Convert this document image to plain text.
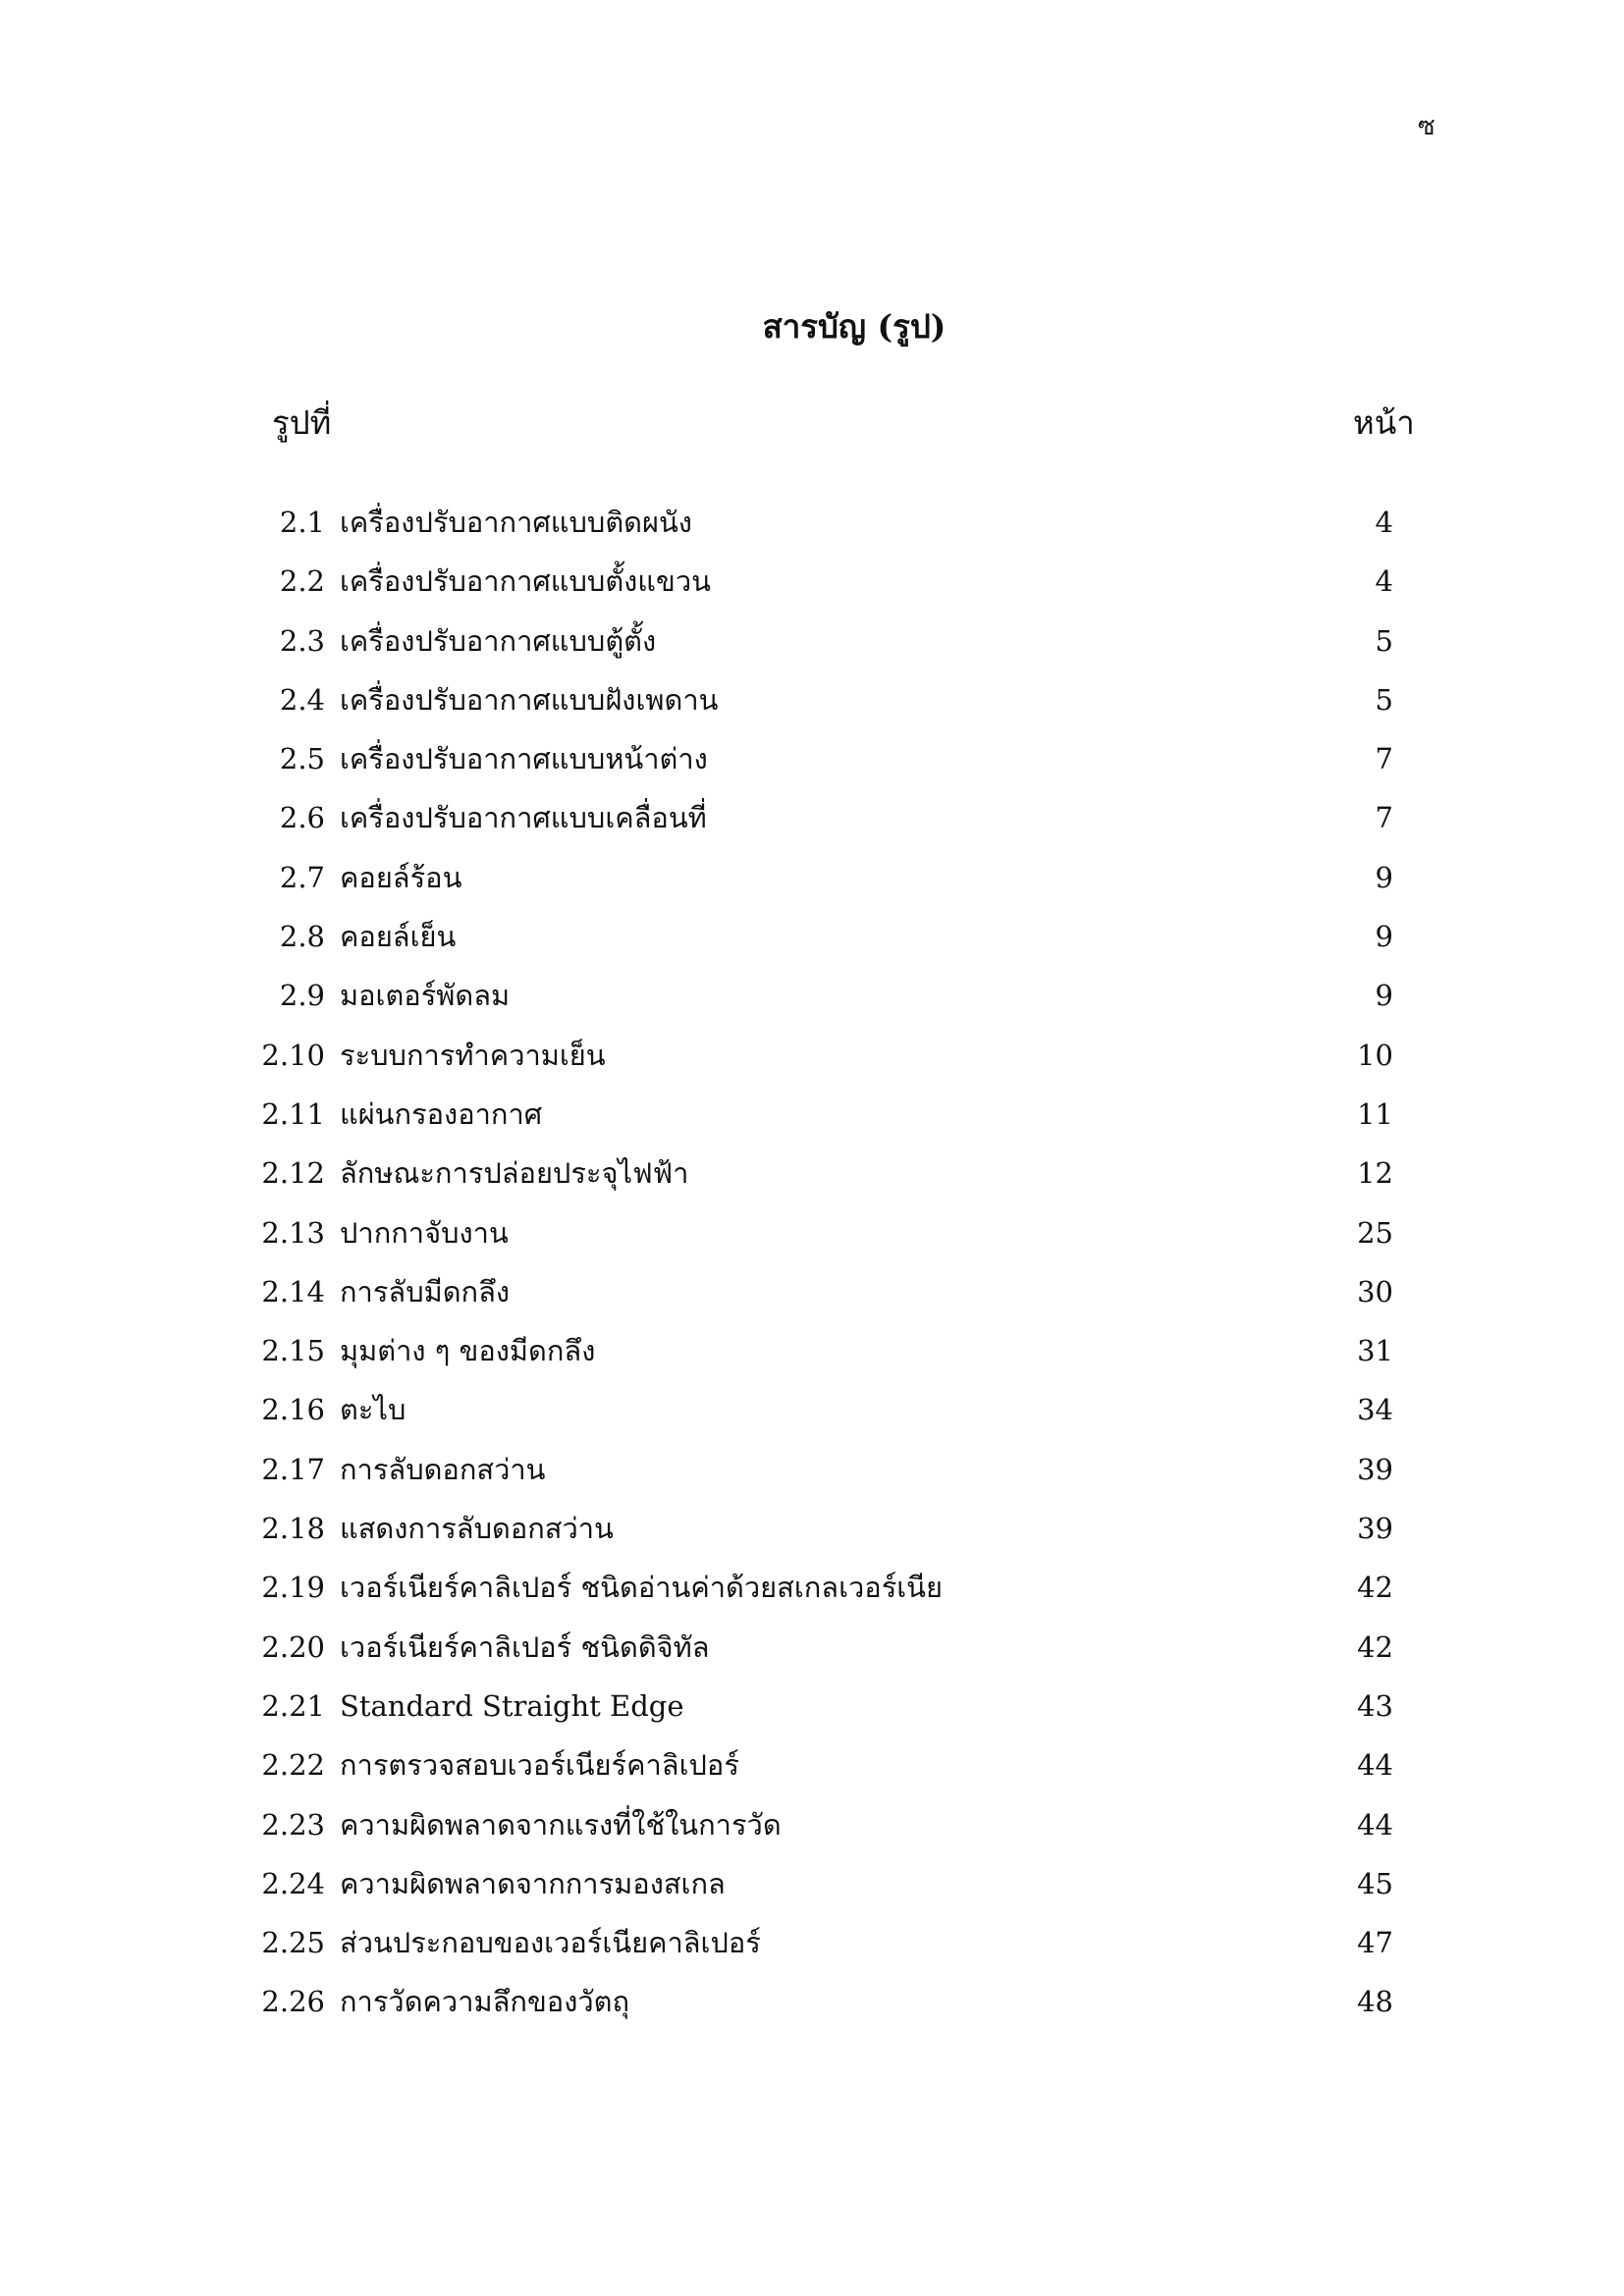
ซ
สารบัญ (รูป)
รูปที่	หน้า
2.1 เครื่องปรับอากาศแบบติดผนัง	4
2.2 เครื่องปรับอากาศแบบตั้งแขวน	4
2.3 เครื่องปรับอากาศแบบตู้ตั้ง	5
2.4 เครื่องปรับอากาศแบบฝังเพดาน	5
2.5 เครื่องปรับอากาศแบบหน้าต่าง	7
2.6 เครื่องปรับอากาศแบบเคลื่อนที่	7
2.7 คอยล์ร้อน	9
2.8 คอยล์เย็น	9
2.9 มอเตอร์พัดลม	9
2.10 ระบบการทำความเย็น	10
2.11 แผ่นกรองอากาศ	11
2.12 ลักษณะการปล่อยประจุไฟฟ้า	12
2.13 ปากกาจับงาน	25
2.14 การลับมีดกลึง	30
2.15 มุมต่าง ๆ ของมีดกลึง	31
2.16 ตะไบ	34
2.17 การลับดอกสว่าน	39
2.18 แสดงการลับดอกสว่าน	39
2.19 เวอร์เนียร์คาลิเปอร์ ชนิดอ่านค่าด้วยสเกลเวอร์เนีย	42
2.20 เวอร์เนียร์คาลิเปอร์ ชนิดดิจิทัล	42
2.21 Standard Straight Edge	43
2.22 การตรวจสอบเวอร์เนียร์คาลิเปอร์	44
2.23 ความผิดพลาดจากแรงที่ใช้ในการวัด	44
2.24 ความผิดพลาดจากการมองสเกล	45
2.25 ส่วนประกอบของเวอร์เนียคาลิเปอร์	47
2.26 การวัดความลึกของวัตถุ	48
